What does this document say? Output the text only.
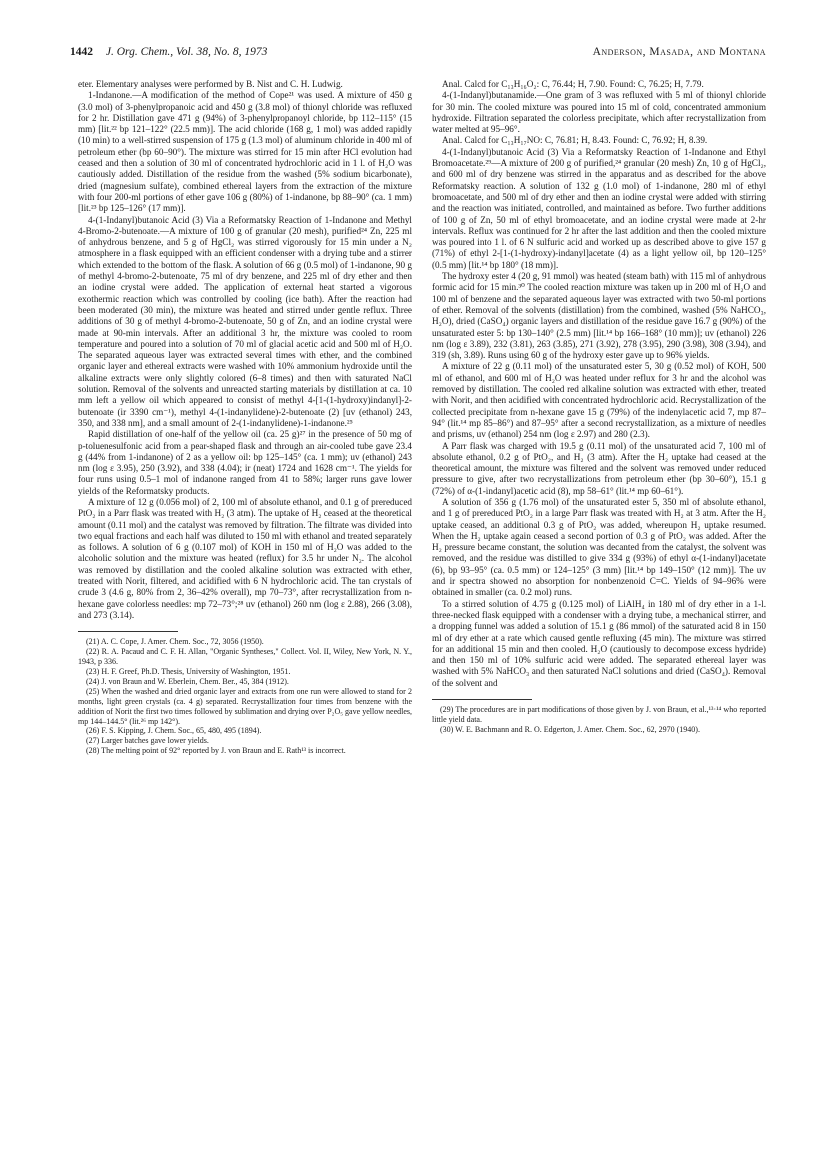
1442 J. Org. Chem., Vol. 38, No. 8, 1973	Anderson, Masada, and Montana

eter. Elementary analyses were performed by B. Nist and C. H. Ludwig.

1-Indanone.—A modification of the method of Cope²¹ was used. A mixture of 450 g (3.0 mol) of 3-phenylpropanoic acid and 450 g (3.8 mol) of thionyl chloride was refluxed for 2 hr. Distillation gave 471 g (94%) of 3-phenylpropanoyl chloride, bp 112–115° (15 mm) [lit.²² bp 121–122° (22.5 mm)]. The acid chloride (168 g, 1 mol) was added rapidly (10 min) to a well-stirred suspension of 175 g (1.3 mol) of aluminum chloride in 400 ml of petroleum ether (bp 60–90°). The mixture was stirred for 15 min after HCl evolution had ceased and then a solution of 30 ml of concentrated hydrochloric acid in 1 l. of H₂O was cautiously added. Distillation of the residue from the washed (5% sodium bicarbonate), dried (magnesium sulfate), combined ethereal layers from the extraction of the mixture with four 200-ml portions of ether gave 106 g (80%) of 1-indanone, bp 88–90° (ca. 1 mm) [lit.²³ bp 125–126° (17 mm)].

4-(1-Indanyl)butanoic Acid (3) Via a Reformatsky Reaction of 1-Indanone and Methyl 4-Bromo-2-butenoate.—A mixture of 100 g of granular (20 mesh), purified²⁴ Zn, 225 ml of anhydrous benzene, and 5 g of HgCl₂ was stirred vigorously for 15 min under a N₂ atmosphere in a flask equipped with an efficient condenser with a drying tube and a stirrer which extended to the bottom of the flask. A solution of 66 g (0.5 mol) of 1-indanone, 90 g of methyl 4-bromo-2-butenoate, 75 ml of dry benzene, and 225 ml of dry ether and then an iodine crystal were added. The application of external heat started a vigorous exothermic reaction which was controlled by cooling (ice bath). After the reaction had been moderated (30 min), the mixture was heated and stirred under gentle reflux. Three additions of 30 g of methyl 4-bromo-2-butenoate, 50 g of Zn, and an iodine crystal were made at 90-min intervals. After an additional 3 hr, the mixture was cooled to room temperature and poured into a solution of 70 ml of glacial acetic acid and 500 ml of H₂O. The separated aqueous layer was extracted several times with ether, and the combined organic layer and ethereal extracts were washed with 10% ammonium hydroxide until the alkaline extracts were only slightly colored (6–8 times) and then with saturated NaCl solution. Removal of the solvents and unreacted starting materials by distillation at ca. 10 mm left a yellow oil which appeared to consist of methyl 4-[1-(1-hydroxy)indanyl]-2-butenoate (ir 3390 cm⁻¹), methyl 4-(1-indanylidene)-2-butenoate (2) [uv (ethanol) 243, 350, and 338 nm], and a small amount of 2-(1-indanylidene)-1-indanone.²⁵

Rapid distillation of one-half of the yellow oil (ca. 25 g)²⁷ in the presence of 50 mg of p-toluenesulfonic acid from a pear-shaped flask and through an air-cooled tube gave 23.4 g (44% from 1-indanone) of 2 as a yellow oil: bp 125–145° (ca. 1 mm); uv (ethanol) 243 nm (log ε 3.95), 250 (3.92), and 338 (4.04); ir (neat) 1724 and 1628 cm⁻¹. The yields for four runs using 0.5–1 mol of indanone ranged from 41 to 58%; larger runs gave lower yields of the Reformatsky products.

A mixture of 12 g (0.056 mol) of 2, 100 ml of absolute ethanol, and 0.1 g of prereduced PtO₂ in a Parr flask was treated with H₂ (3 atm). The uptake of H₂ ceased at the theoretical amount (0.11 mol) and the catalyst was removed by filtration. The filtrate was divided into two equal fractions and each half was diluted to 150 ml with ethanol and treated separately as follows. A solution of 6 g (0.107 mol) of KOH in 150 ml of H₂O was added to the alcoholic solution and the mixture was heated (reflux) for 3.5 hr under N₂. The alcohol was removed by distillation and the cooled alkaline solution was extracted with ether, treated with Norit, filtered, and acidified with 6 N hydrochloric acid. The tan crystals of crude 3 (4.6 g, 80% from 2, 36–42% overall), mp 70–73°, after recrystallization from n-hexane gave colorless needles: mp 72–73°;²⁸ uv (ethanol) 260 nm (log ε 2.88), 266 (3.08), and 273 (3.14).

(21) A. C. Cope, J. Amer. Chem. Soc., 72, 3056 (1950).

(22) R. A. Pacaud and C. F. H. Allan, "Organic Syntheses," Collect. Vol. II, Wiley, New York, N. Y., 1943, p 336.

(23) H. F. Greef, Ph.D. Thesis, University of Washington, 1951.

(24) J. von Braun and W. Eberlein, Chem. Ber., 45, 384 (1912).

(25) When the washed and dried organic layer and extracts from one run were allowed to stand for 2 months, light green crystals (ca. 4 g) separated. Recrystallization four times from benzene with the addition of Norit the first two times followed by sublimation and drying over P₂O₅ gave yellow needles, mp 144–144.5° (lit.²⁶ mp 142°).

(26) F. S. Kipping, J. Chem. Soc., 65, 480, 495 (1894).

(27) Larger batches gave lower yields.

(28) The melting point of 92° reported by J. von Braun and E. Rath¹³ is incorrect.

Anal. Calcd for C₁₃H₁₆O₂: C, 76.44; H, 7.90. Found: C, 76.25; H, 7.79.

4-(1-Indanyl)butanamide.—One gram of 3 was refluxed with 5 ml of thionyl chloride for 30 min. The cooled mixture was poured into 15 ml of cold, concentrated ammonium hydroxide. Filtration separated the colorless precipitate, which after recrystallization from water melted at 95–96°.

Anal. Calcd for C₁₃H₁₇NO: C, 76.81; H, 8.43. Found: C, 76.92; H, 8.39.

4-(1-Indanyl)butanoic Acid (3) Via a Reformatsky Reaction of 1-Indanone and Ethyl Bromoacetate.²⁹—A mixture of 200 g of purified,²⁴ granular (20 mesh) Zn, 10 g of HgCl₂, and 600 ml of dry benzene was stirred in the apparatus and as described for the above Reformatsky reaction. A solution of 132 g (1.0 mol) of 1-indanone, 280 ml of ethyl bromoacetate, and 500 ml of dry ether and then an iodine crystal were added with stirring and the reaction was initiated, controlled, and maintained as before. Two further additions of 100 g of Zn, 50 ml of ethyl bromoacetate, and an iodine crystal were made at 2-hr intervals. Reflux was continued for 2 hr after the last addition and then the cooled mixture was poured into 1 l. of 6 N sulfuric acid and worked up as described above to give 157 g (71%) of ethyl 2-[1-(1-hydroxy)-indanyl]acetate (4) as a light yellow oil, bp 120–125° (0.5 mm) [lit.¹⁴ bp 180° (18 mm)].

The hydroxy ester 4 (20 g, 91 mmol) was heated (steam bath) with 115 ml of anhydrous formic acid for 15 min.³⁰ The cooled reaction mixture was taken up in 200 ml of H₂O and 100 ml of benzene and the separated aqueous layer was extracted with two 50-ml portions of ether. Removal of the solvents (distillation) from the combined, washed (5% NaHCO₃, H₂O), dried (CaSO₄) organic layers and distillation of the residue gave 16.7 g (90%) of the unsaturated ester 5: bp 130–140° (2.5 mm) [lit.¹⁴ bp 166–168° (10 mm)]; uv (ethanol) 226 nm (log ε 3.89), 232 (3.81), 263 (3.85), 271 (3.92), 278 (3.95), 290 (3.98), 308 (3.94), and 319 (sh, 3.89). Runs using 60 g of the hydroxy ester gave up to 96% yields.

A mixture of 22 g (0.11 mol) of the unsaturated ester 5, 30 g (0.52 mol) of KOH, 500 ml of ethanol, and 600 ml of H₂O was heated under reflux for 3 hr and the alcohol was removed by distillation. The cooled red alkaline solution was extracted with ether, treated with Norit, and then acidified with concentrated hydrochloric acid. Recrystallization of the collected precipitate from n-hexane gave 15 g (79%) of the indenylacetic acid 7, mp 87–94° (lit.¹⁴ mp 85–86°) and 87–95° after a second recrystallization, as a mixture of needles and prisms, uv (ethanol) 254 nm (log ε 2.97) and 280 (2.3).

A Parr flask was charged with 19.5 g (0.11 mol) of the unsaturated acid 7, 100 ml of absolute ethanol, 0.2 g of PtO₂, and H₂ (3 atm). After the H₂ uptake had ceased at the theoretical amount, the mixture was filtered and the solvent was removed under reduced pressure to give, after two recrystallizations from petroleum ether (bp 30–60°), 15.1 g (72%) of α-(1-indanyl)acetic acid (8), mp 58–61° (lit.¹⁴ mp 60–61°).

A solution of 356 g (1.76 mol) of the unsaturated ester 5, 350 ml of absolute ethanol, and 1 g of prereduced PtO₂ in a large Parr flask was treated with H₂ at 3 atm. After the H₂ uptake ceased, an additional 0.3 g of PtO₂ was added, whereupon H₂ uptake resumed. When the H₂ uptake again ceased a second portion of 0.3 g of PtO₂ was added. After the H₂ pressure became constant, the solution was decanted from the catalyst, the solvent was removed, and the residue was distilled to give 334 g (93%) of ethyl α-(1-indanyl)acetate (6), bp 93–95° (ca. 0.5 mm) or 124–125° (3 mm) [lit.¹⁴ bp 149–150° (12 mm)]. The uv and ir spectra showed no absorption for nonbenzenoid C=C. Yields of 94–96% were obtained in smaller (ca. 0.2 mol) runs.

To a stirred solution of 4.75 g (0.125 mol) of LiAlH₄ in 180 ml of dry ether in a 1-l. three-necked flask equipped with a condenser with a drying tube, a mechanical stirrer, and a dropping funnel was added a solution of 15.1 g (86 mmol) of the saturated acid 8 in 150 ml of dry ether at a rate which caused gentle refluxing (45 min). The mixture was stirred for an additional 15 min and then cooled. H₂O (cautiously to decompose excess hydride) and then 150 ml of 10% sulfuric acid were added. The separated ethereal layer was washed with 5% NaHCO₃ and then saturated NaCl solutions and dried (CaSO₄). Removal of the solvent and

(29) The procedures are in part modifications of those given by J. von Braun, et al.,¹³·¹⁴ who reported little yield data.

(30) W. E. Bachmann and R. O. Edgerton, J. Amer. Chem. Soc., 62, 2970 (1940).
